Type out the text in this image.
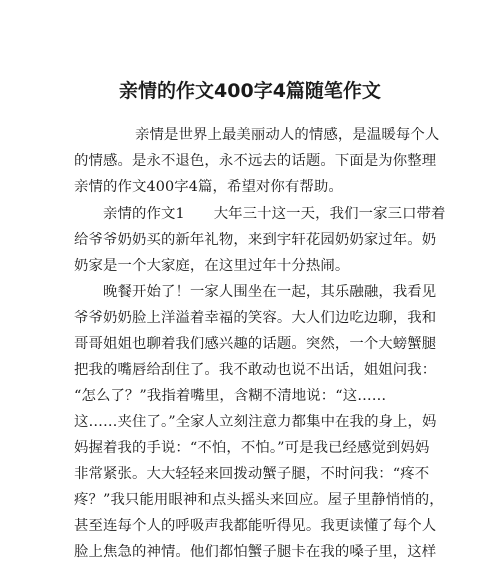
亲情的作文400字4篇随笔作文
亲情是世界上最美丽动人的情感，是温暖每个人
的情感。是永不退色，永不远去的话题。下面是为你整理
亲情的作文400字4篇，希望对你有帮助。
亲情的作文1　　大年三十这一天，我们一家三口带着
给爷爷奶奶买的新年礼物，来到宇轩花园奶奶家过年。奶
奶家是一个大家庭，在这里过年十分热闹。
晚餐开始了！一家人围坐在一起，其乐融融，我看见
爷爷奶奶脸上洋溢着幸福的笑容。大人们边吃边聊，我和
哥哥姐姐也聊着我们感兴趣的话题。突然，一个大螃蟹腿
把我的嘴唇给刮住了。我不敢动也说不出话，姐姐问我：
“怎么了？”我指着嘴里，含糊不清地说：“这……
这……夹住了。”全家人立刻注意力都集中在我的身上，妈
妈握着我的手说：“不怕，不怕。”可是我已经感觉到妈妈
非常紧张。大大轻轻来回拨动蟹子腿，不时问我：“疼不
疼？”我只能用眼神和点头摇头来回应。屋子里静悄悄的，
甚至连每个人的呼吸声我都能听得见。我更读懂了每个人
脸上焦急的神情。他们都怕蟹子腿卡在我的嗓子里，这样
